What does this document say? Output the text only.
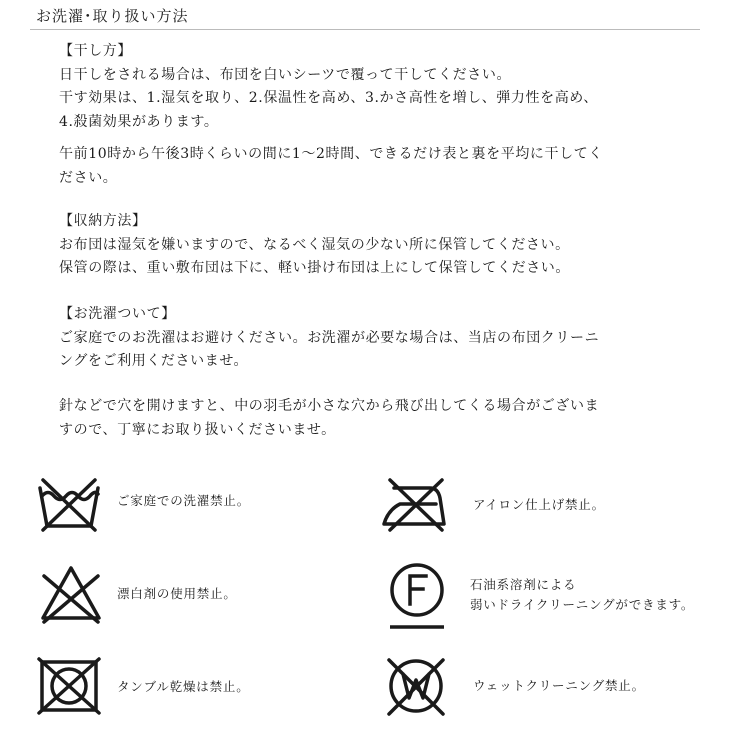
お洗濯･取り扱い方法
【干し方】
日干しをされる場合は、布団を白いシーツで覆って干してください。
干す効果は、1.湿気を取り、2.保温性を高め、3.かさ高性を増し、弾力性を高め、
4.殺菌効果があります。
午前10時から午後3時くらいの間に1～2時間、できるだけ表と裏を平均に干してく
ださい。
【収納方法】
お布団は湿気を嫌いますので、なるべく湿気の少ない所に保管してください。
保管の際は、重い敷布団は下に、軽い掛け布団は上にして保管してください。
【お洗濯ついて】
ご家庭でのお洗濯はお避けください。お洗濯が必要な場合は、当店の布団クリーニ
ングをご利用くださいませ。
針などで穴を開けますと、中の羽毛が小さな穴から飛び出してくる場合がございま
すので、丁寧にお取り扱いくださいませ。
ご家庭での洗濯禁止。	アイロン仕上げ禁止。
漂白剤の使用禁止。
石油系溶剤による
弱いドライクリーニングができます。
タンブル乾燥は禁止。	ウェットクリーニング禁止。
